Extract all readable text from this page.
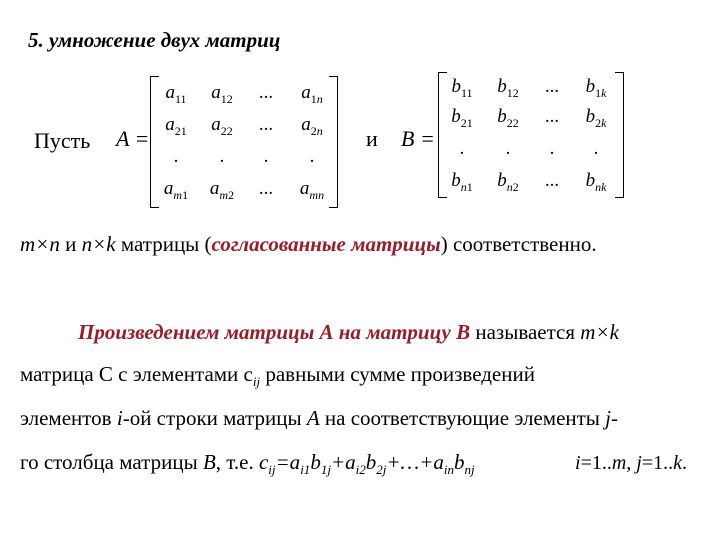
5. умножение двух матриц
Пусть A =
$a_{11}$	$a_{12}$	...	$a_{1n}$
$a_{21}$	$a_{22}$	...	$a_{2n}$
.	.	.	.
$a_{m1}$	$a_{m2}$	...	$a_{mn}$
и B =
$b_{11}$	$b_{12}$	...	$b_{1k}$
$b_{21}$	$b_{22}$	...	$b_{2k}$
.	.	.	.
$b_{n1}$	$b_{n2}$	...	$b_{nk}$
m×n и n×k матрицы (согласованные матрицы) соответственно.
Произведением матрицы А на матрицу В называется m×k
матрица С с элементами $c_{ij}$ равными сумме произведений
элементов i-ой строки матрицы A на соответствующие элементы j-
го столбца матрицы B, т.е. $c_{ij}=a_{i1}b_{1j}+a_{i2}b_{2j}+\dots+a_{in}b_{nj}$	i=1..m, j=1..k.
